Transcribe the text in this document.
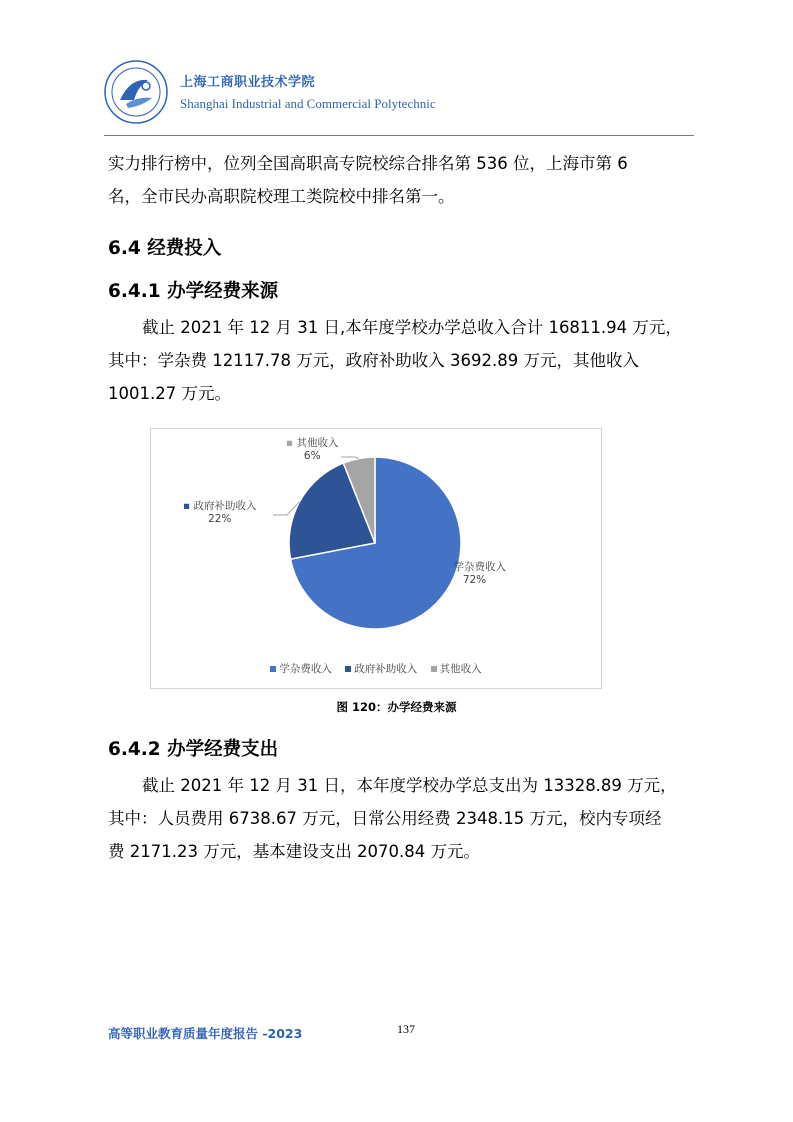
上海工商职业技术学院
Shanghai Industrial and Commercial Polytechnic

实力排行榜中，位列全国高职高专院校综合排名第 536 位，上海市第 6
名，全市民办高职院校理工类院校中排名第一。

6.4 经费投入
6.4.1 办学经费来源

截止 2021 年 12 月 31 日,本年度学校办学总收入合计 16811.94 万元，
其中：学杂费 12117.78 万元，政府补助收入 3692.89 万元，其他收入
1001.27 万元。

▪ 学杂费收入
72%
▪ 政府补助收入
22%
▪ 其他收入
6%
学杂费收入 政府补助收入 其他收入
图 120：办学经费来源
6.4.2 办学经费支出

截止 2021 年 12 月 31 日，本年度学校办学总支出为 13328.89 万元，
其中：人员费用 6738.67 万元，日常公用经费 2348.15 万元，校内专项经
费 2171.23 万元，基本建设支出 2070.84 万元。

高等职业教育质量年度报告 -2023	137
